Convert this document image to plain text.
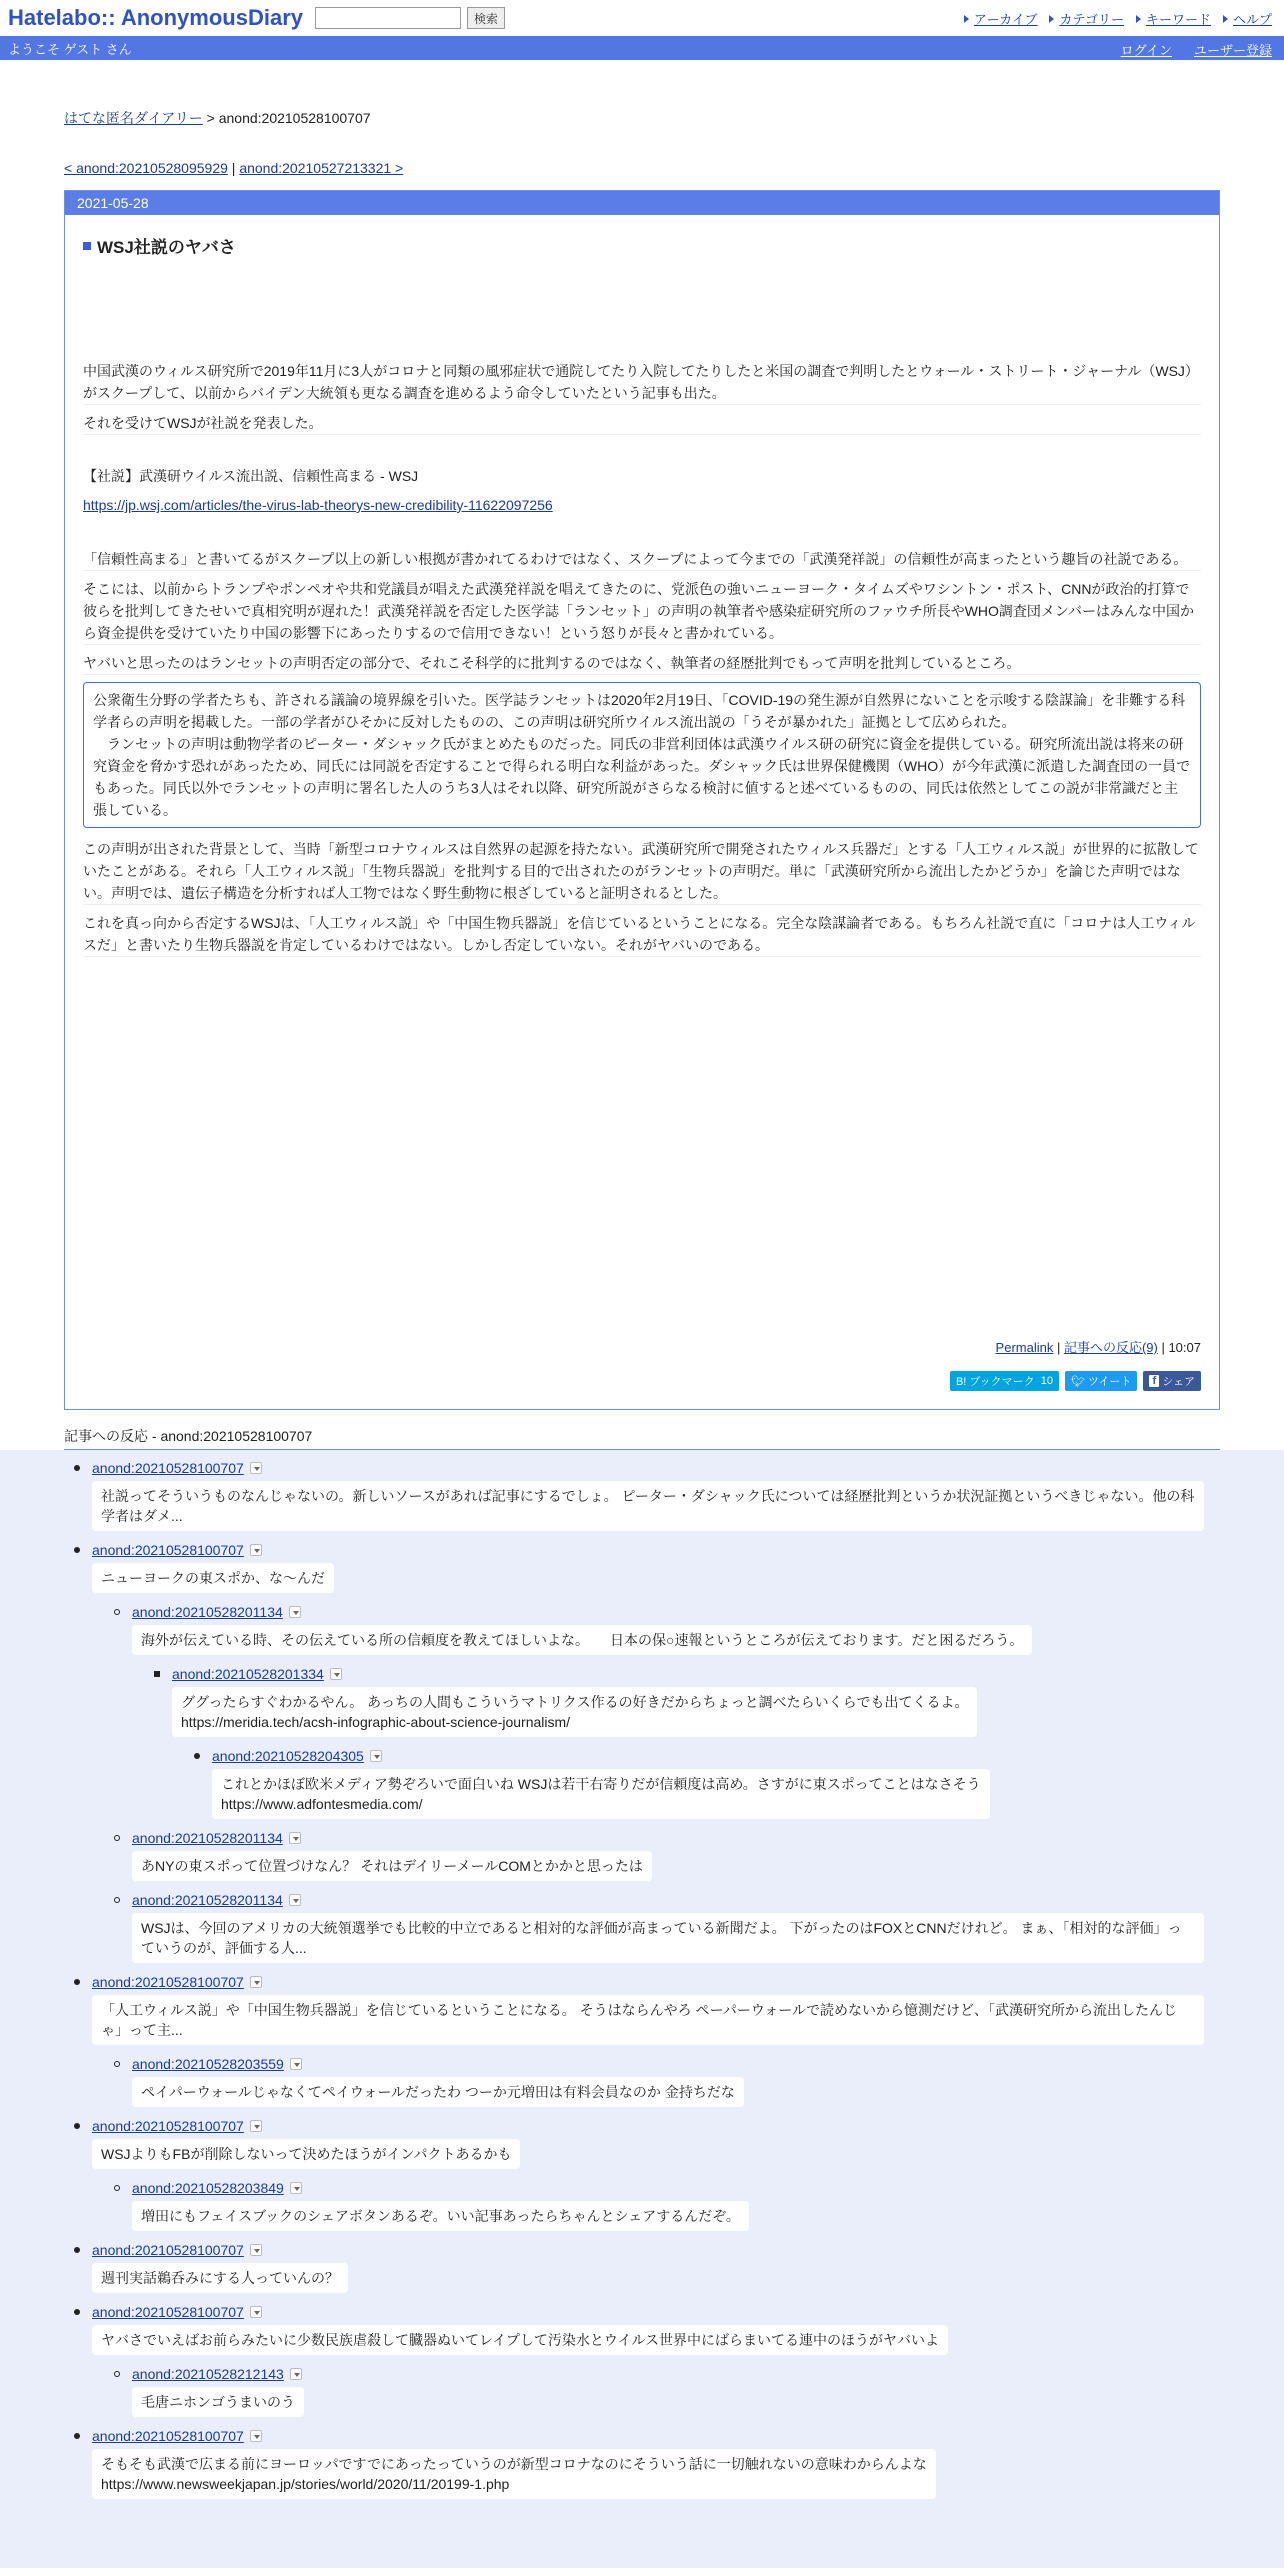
Hatelabo:: AnonymousDiary	検索	アーカイブ カテゴリー キーワード ヘルプ
ようこそ ゲスト さん	ログイン ユーザー登録
はてな匿名ダイアリー > anond:20210528100707
< anond:20210528095929 | anond:20210527213321 >
2021-05-28
WSJ社説のヤバさ

中国武漢のウィルス研究所で2019年11月に3人がコロナと同類の風邪症状で通院してたり入院してたりしたと米国の調査で判明したとウォール・ストリート・ジャーナル（WSJ）がスクープして、以前からバイデン大統領も更なる調査を進めるよう命令していたという記事も出た。

それを受けてWSJが社説を発表した。

【社説】武漢研ウイルス流出説、信頼性高まる - WSJ

https://jp.wsj.com/articles/the-virus-lab-theorys-new-credibility-11622097256

「信頼性高まる」と書いてるがスクープ以上の新しい根拠が書かれてるわけではなく、スクープによって今までの「武漢発祥説」の信頼性が高まったという趣旨の社説である。

そこには、以前からトランプやポンペオや共和党議員が唱えた武漢発祥説を唱えてきたのに、党派色の強いニューヨーク・タイムズやワシントン・ポスト、CNNが政治的打算で彼らを批判してきたせいで真相究明が遅れた！武漢発祥説を否定した医学誌「ランセット」の声明の執筆者や感染症研究所のファウチ所長やWHO調査団メンバーはみんな中国から資金提供を受けていたり中国の影響下にあったりするので信用できない！という怒りが長々と書かれている。

ヤバいと思ったのはランセットの声明否定の部分で、それこそ科学的に批判するのではなく、執筆者の経歴批判でもって声明を批判しているところ。

公衆衛生分野の学者たちも、許される議論の境界線を引いた。医学誌ランセットは2020年2月19日、「COVID-19の発生源が自然界にないことを示唆する陰謀論」を非難する科学者らの声明を掲載した。一部の学者がひそかに反対したものの、この声明は研究所ウイルス流出説の「うそが暴かれた」証拠として広められた。
　ランセットの声明は動物学者のピーター・ダシャック氏がまとめたものだった。同氏の非営利団体は武漢ウイルス研の研究に資金を提供している。研究所流出説は将来の研究資金を脅かす恐れがあったため、同氏には同説を否定することで得られる明白な利益があった。ダシャック氏は世界保健機関（WHO）が今年武漢に派遣した調査団の一員でもあった。同氏以外でランセットの声明に署名した人のうち3人はそれ以降、研究所説がさらなる検討に値すると述べているものの、同氏は依然としてこの説が非常識だと主張している。

この声明が出された背景として、当時「新型コロナウィルスは自然界の起源を持たない。武漢研究所で開発されたウィルス兵器だ」とする「人工ウィルス説」が世界的に拡散していたことがある。それら「人工ウィルス説」「生物兵器説」を批判する目的で出されたのがランセットの声明だ。単に「武漢研究所から流出したかどうか」を論じた声明ではない。声明では、遺伝子構造を分析すれば人工物ではなく野生動物に根ざしていると証明されるとした。

これを真っ向から否定するWSJは、「人工ウィルス説」や「中国生物兵器説」を信じているということになる。完全な陰謀論者である。もちろん社説で直に「コロナは人工ウィルスだ」と書いたり生物兵器説を肯定しているわけではない。しかし否定していない。それがヤバいのである。

Permalink | 記事への反応(9) | 10:07
B! ブックマーク
10 🐦︎
ツイート f
シェア
記事への反応 - anond:20210528100707
anond:20210528100707
社説ってそういうものなんじゃないの。新しいソースがあれば記事にするでしょ。 ピーター・ダシャック氏については経歴批判というか状況証拠というべきじゃない。他の科学者はダメ...
anond:20210528100707
ニューヨークの東スポか、な～んだ
anond:20210528201134
海外が伝えている時、その伝えている所の信頼度を教えてほしいよな。　　日本の保○速報というところが伝えております。だと困るだろう。
anond:20210528201334
ググったらすぐわかるやん。 あっちの人間もこういうマトリクス作るの好きだからちょっと調べたらいくらでも出てくるよ。
https://meridia.tech/acsh-infographic-about-science-journalism/
anond:20210528204305
これとかほぼ欧米メディア勢ぞろいで面白いね WSJは若干右寄りだが信頼度は高め。さすがに東スポってことはなさそう
https://www.adfontesmedia.com/
anond:20210528201134
あNYの東スポって位置づけなん？ それはデイリーメールCOMとかかと思ったは
anond:20210528201134
WSJは、今回のアメリカの大統領選挙でも比較的中立であると相対的な評価が高まっている新聞だよ。 下がったのはFOXとCNNだけれど。 まぁ、「相対的な評価」っていうのが、評価する人...
anond:20210528100707
「人工ウィルス説」や「中国生物兵器説」を信じているということになる。 そうはならんやろ ペーパーウォールで読めないから憶測だけど、「武漢研究所から流出したんじゃ」って主...
anond:20210528203559
ペイパーウォールじゃなくてペイウォールだったわ つーか元増田は有料会員なのか 金持ちだな
anond:20210528100707
WSJよりもFBが削除しないって決めたほうがインパクトあるかも
anond:20210528203849
増田にもフェイスブックのシェアボタンあるぞ。いい記事あったらちゃんとシェアするんだぞ。
anond:20210528100707
週刊実話鵜呑みにする人っていんの？
anond:20210528100707
ヤバさでいえばお前らみたいに少数民族虐殺して臓器ぬいてレイプして汚染水とウイルス世界中にばらまいてる連中のほうがヤバいよ
anond:20210528212143
毛唐ニホンゴうまいのう
anond:20210528100707
そもそも武漢で広まる前にヨーロッパですでにあったっていうのが新型コロナなのにそういう話に一切触れないの意味わからんよな
https://www.newsweekjapan.jp/stories/world/2020/11/20199-1.php
